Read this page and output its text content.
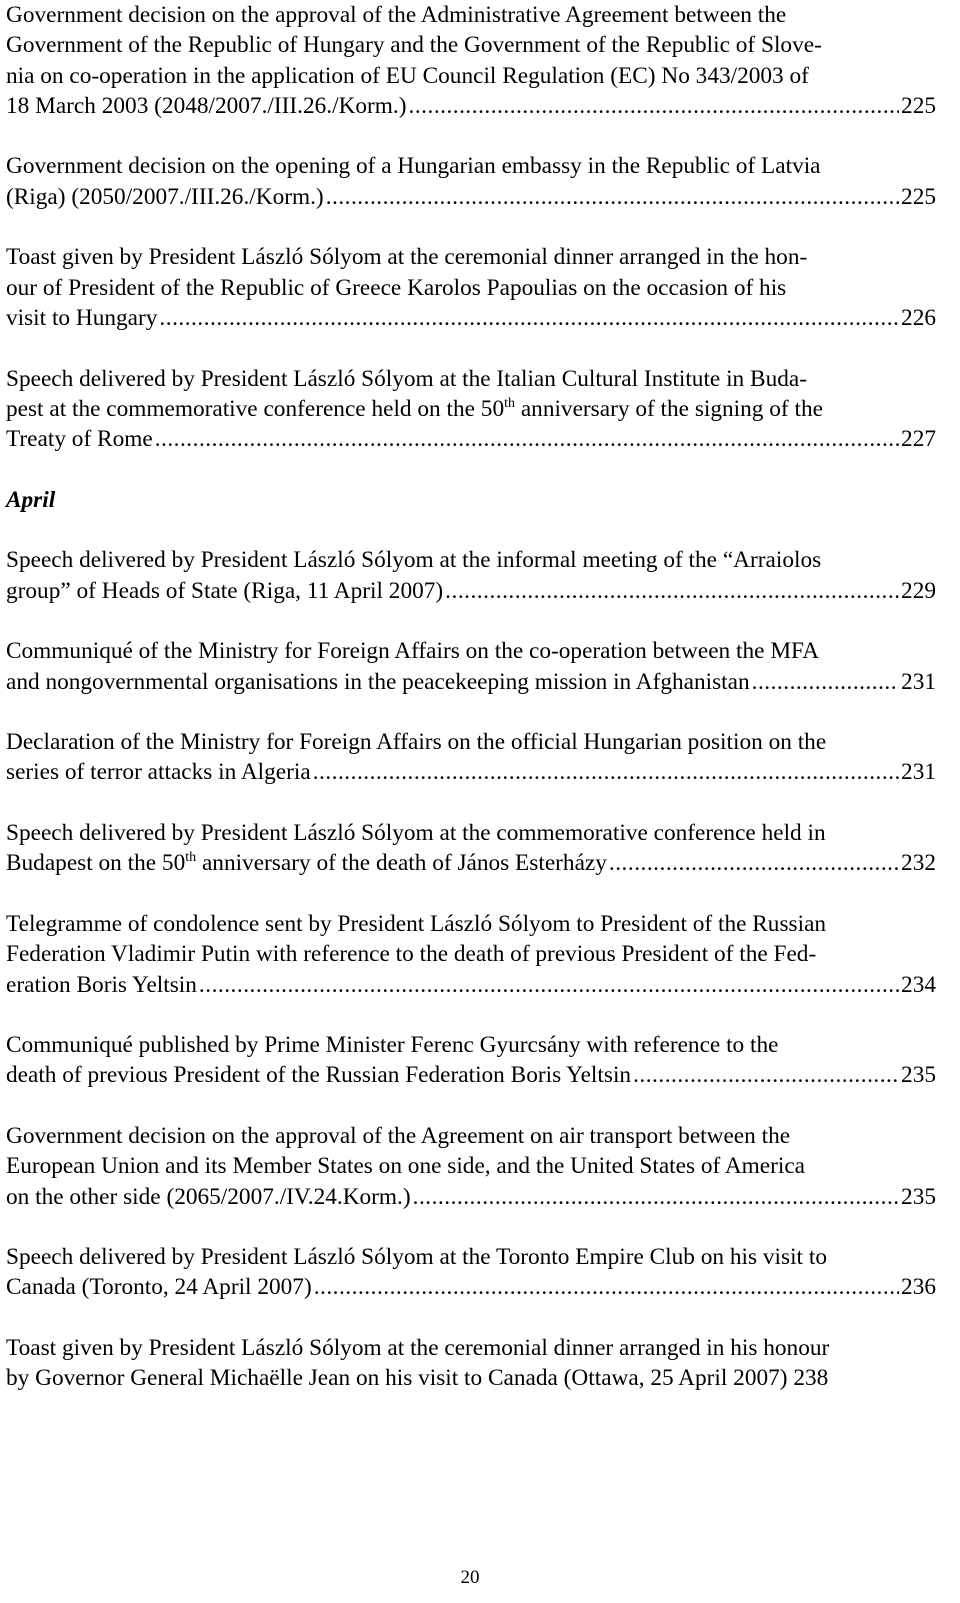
Government decision on the approval of the Administrative Agreement between the
Government of the Republic of Hungary and the Government of the Republic of Slove-
nia on co-operation in the application of EU Council Regulation (EC) No 343/2003 of
18 March 2003 (2048/2007./III.26./Korm.) .....	225
Government decision on the opening of a Hungarian embassy in the Republic of Latvia
(Riga) (2050/2007./III.26./Korm.) .....	225
Toast given by President László Sólyom at the ceremonial dinner arranged in the hon-
our of President of the Republic of Greece Karolos Papoulias on the occasion of his
visit to Hungary .....	226
Speech delivered by President László Sólyom at the Italian Cultural Institute in Buda-
pest at the commemorative conference held on the 50th anniversary of the signing of the
Treaty of Rome .....	227
April
Speech delivered by President László Sólyom at the informal meeting of the “Arraiolos
group” of Heads of State (Riga, 11 April 2007) .....	229
Communiqué of the Ministry for Foreign Affairs on the co-operation between the MFA
and nongovernmental organisations in the peacekeeping mission in Afghanistan .....	231
Declaration of the Ministry for Foreign Affairs on the official Hungarian position on the
series of terror attacks in Algeria .....	231
Speech delivered by President László Sólyom at the commemorative conference held in
Budapest on the 50th anniversary of the death of János Esterházy .....	232
Telegramme of condolence sent by President László Sólyom to President of the Russian
Federation Vladimir Putin with reference to the death of previous President of the Fed-
eration Boris Yeltsin .....	234
Communiqué published by Prime Minister Ferenc Gyurcsány with reference to the
death of previous President of the Russian Federation Boris Yeltsin .....	235
Government decision on the approval of the Agreement on air transport between the
European Union and its Member States on one side, and the United States of America
on the other side (2065/2007./IV.24.Korm.) .....	235
Speech delivered by President László Sólyom at the Toronto Empire Club on his visit to
Canada (Toronto, 24 April 2007) .....	236
Toast given by President László Sólyom at the ceremonial dinner arranged in his honour
by Governor General Michaëlle Jean on his visit to Canada (Ottawa, 25 April 2007) 238
20
